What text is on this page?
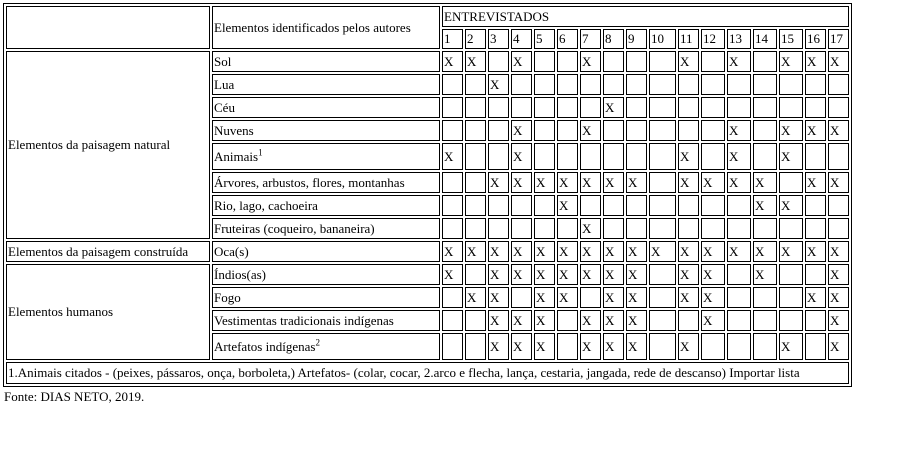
	Elementos identificados pelos autores	ENTREVISTADOS																
		1	2	3	4	5	6	7	8	9	10	11	12	13	14	15	16	17
Elementos da paisagem natural	Sol	X	X		X			X				X		X		X	X	X
	Lua			X														
	Céu								X									
	Nuvens				X			X						X		X	X	X
	Animais$^1$	X			X							X		X		X		
	Árvores, arbustos, flores, montanhas			X	X	X	X	X	X	X		X	X	X	X		X	X
	Rio, lago, cachoeira						X								X	X		
	Fruteiras (coqueiro, bananeira)							X										
Elementos da paisagem construída	Oca(s)	X	X	X	X	X	X	X	X	X	X	X	X	X	X	X	X	X
Elementos humanos	Índios(as)	X		X	X	X	X	X	X	X		X	X		X			X
	Fogo		X	X		X	X		X	X		X	X				X	X
	Vestimentas tradicionais indígenas			X	X	X		X	X	X			X					X
	Artefatos indígenas$^2$			X	X	X		X	X	X		X				X		X
1.Animais citados - (peixes, pássaros, onça, borboleta,) Artefatos- (colar, cocar, 2.arco e flecha, lança, cestaria, jangada, rede de descanso) Importar lista																		
Fonte: DIAS NETO, 2019.
